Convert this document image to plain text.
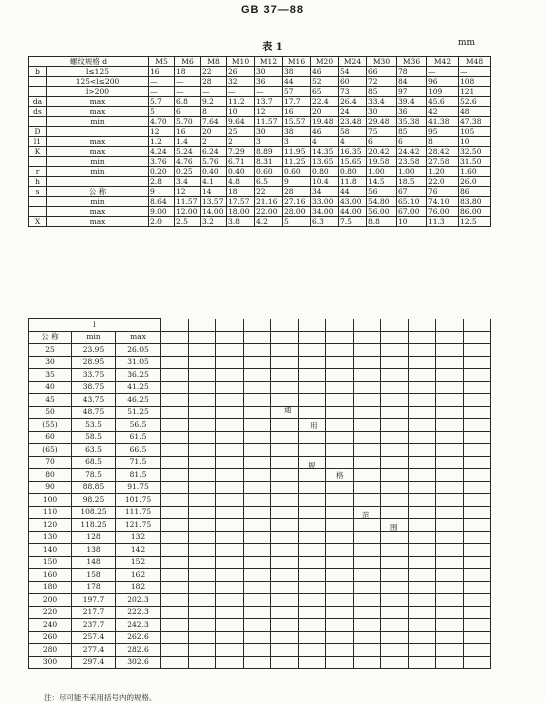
GB 37—88
表 1	mm
螺纹规格 d		M5	M6	M8	M10	M12	M16	M20	M24	M30	M36	M42	M48
b	l≤125	16	18	22	26	30	38	46	54	66	78	—	—
	125<l≤200	—	—	28	32	36	44	52	60	72	84	96	108
	l>200	—	—	—	—	—	57	65	73	85	97	109	121
da	max	5.7	6.8	9.2	11.2	13.7	17.7	22.4	26.4	33.4	39.4	45.6	52.6
ds	max	5	6	8	10	12	16	20	24	30	36	42	48
	min	4.70	5.70	7.64	9.64	11.57	15.57	19.48	23.48	29.48	35.38	41.38	47.38
D		12	16	20	25	30	38	46	58	75	85	95	105
l1	max	1.2	1.4	2	2	3	3	4	4	6	6	8	10
K	max	4.24	5.24	6.24	7.29	8.89	11.95	14.35	16.35	20.42	24.42	28.42	32.50
	min	3.76	4.76	5.76	6.71	8.31	11.25	13.65	15.65	19.58	23.58	27.58	31.50
r	min	0.20	0.25	0.40	0.40	0.60	0.60	0.80	0.80	1.00	1.00	1.20	1.60
h		2.8	3.4	4.1	4.8	6.5	9	10.4	11.8	14.5	18.5	22.0	26.0
s	公 称	9	12	14	18	22	28	34	44	56	67	76	86
	min	8.64	11.57	13.57	17.57	21.16	27.16	33.00	43.00	54.80	65.10	74.10	83.80
	max	9.00	12.00	14.00	18.00	22.00	28.00	34.00	44.00	56.00	67.00	76.00	86.00
X	max	2.0	2.5	3.2	3.8	4.2	5	6.3	7.5	8.8	10	11.3	12.5
l														
公 称	min	max												
25	23.95	26.05												
30	28.95	31.05												
35	33.75	36.25												
40	38.75	41.25												
45	43.75	46.25												
50	48.75	51.25												
(55)	53.5	56.5												
60	58.5	61.5												
(65)	63.5	66.5												
70	68.5	71.5												
80	78.5	81.5												
90	88.85	91.75												
100	98.25	101.75												
110	108.25	111.75												
120	118.25	121.75												
130	128	132												
140	138	142												
150	148	152												
160	158	162												
180	178	182												
200	197.7	202.3												
220	217.7	222.3												
240	237.7	242.3												
260	257.4	262.6												
280	277.4	282.6												
300	297.4	302.6												
通
用
规
格
范
围
注：尽可能不采用括号内的规格。
